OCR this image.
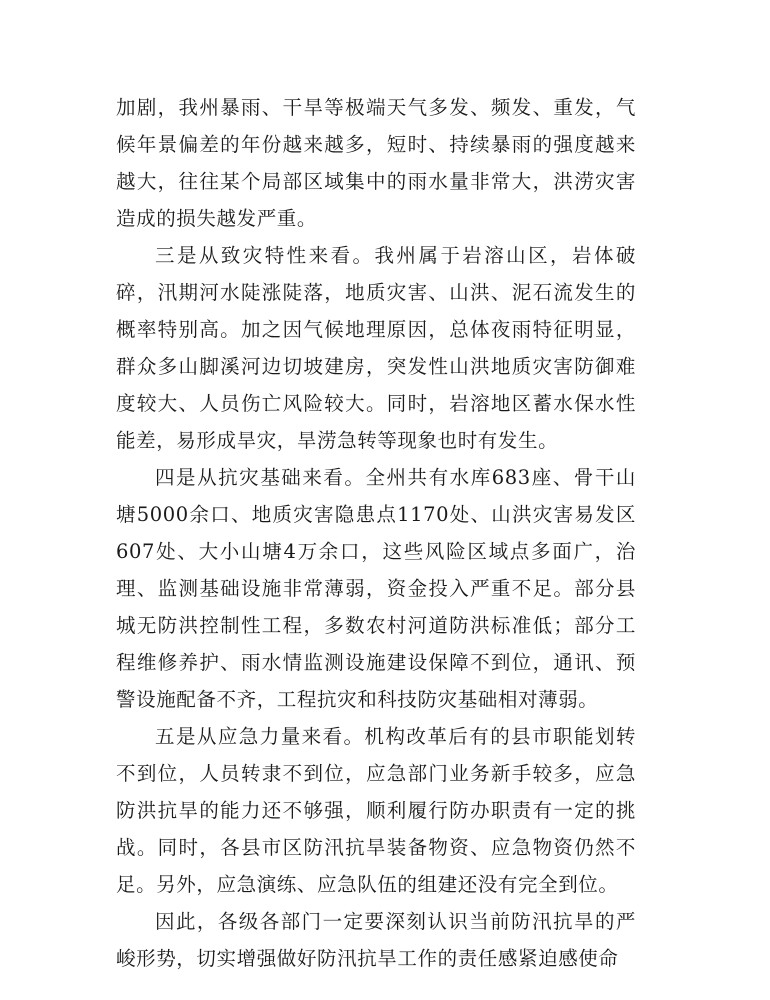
加剧，我州暴雨、干旱等极端天气多发、频发、重发，气候年景偏差的年份越来越多，短时、持续暴雨的强度越来越大，往往某个局部区域集中的雨水量非常大，洪涝灾害造成的损失越发严重。

三是从致灾特性来看。我州属于岩溶山区，岩体破碎，汛期河水陡涨陡落，地质灾害、山洪、泥石流发生的概率特别高。加之因气候地理原因，总体夜雨特征明显，群众多山脚溪河边切坡建房，突发性山洪地质灾害防御难度较大、人员伤亡风险较大。同时，岩溶地区蓄水保水性能差，易形成旱灾，旱涝急转等现象也时有发生。

四是从抗灾基础来看。全州共有水库683座、骨干山塘5000余口、地质灾害隐患点1170处、山洪灾害易发区607处、大小山塘4万余口，这些风险区域点多面广，治理、监测基础设施非常薄弱，资金投入严重不足。部分县城无防洪控制性工程，多数农村河道防洪标准低；部分工程维修养护、雨水情监测设施建设保障不到位，通讯、预警设施配备不齐，工程抗灾和科技防灾基础相对薄弱。

五是从应急力量来看。机构改革后有的县市职能划转不到位，人员转隶不到位，应急部门业务新手较多，应急防洪抗旱的能力还不够强，顺利履行防办职责有一定的挑战。同时，各县市区防汛抗旱装备物资、应急物资仍然不足。另外，应急演练、应急队伍的组建还没有完全到位。

因此，各级各部门一定要深刻认识当前防汛抗旱的严峻形势，切实增强做好防汛抗旱工作的责任感紧迫感使命
